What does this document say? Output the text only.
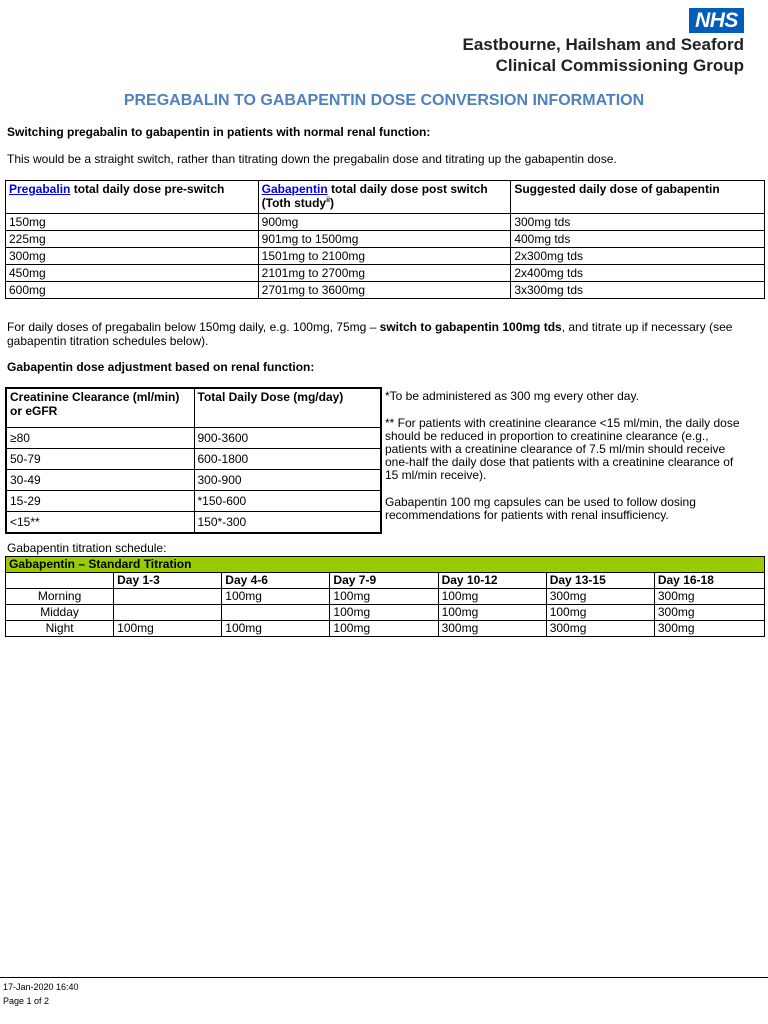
NHS
Eastbourne, Hailsham and Seaford
Clinical Commissioning Group
PREGABALIN TO GABAPENTIN DOSE CONVERSION INFORMATION
Switching pregabalin to gabapentin in patients with normal renal function:
This would be a straight switch, rather than titrating down the pregabalin dose and titrating up the gabapentin dose.
Pregabalin total daily dose pre-switch	Gabapentin total daily dose post switch (Toth study$^{ii}$)	Suggested daily dose of gabapentin
150mg	900mg	300mg tds
225mg	901mg to 1500mg	400mg tds
300mg	1501mg to 2100mg	2x300mg tds
450mg	2101mg to 2700mg	2x400mg tds
600mg	2701mg to 3600mg	3x300mg tds
For daily doses of pregabalin below 150mg daily, e.g. 100mg, 75mg – switch to gabapentin 100mg tds, and titrate up if necessary (see gabapentin titration schedules below).
Gabapentin dose adjustment based on renal function:
Creatinine Clearance (ml/min) or eGFR	Total Daily Dose (mg/day)
≥80	900-3600
50-79	600-1800
30-49	300-900
15-29	*150-600
<15**	150*-300

*To be administered as 300 mg every other day.

** For patients with creatinine clearance <15 ml/min, the daily dose should be reduced in proportion to creatinine clearance (e.g., patients with a creatinine clearance of 7.5 ml/min should receive one-half the daily dose that patients with a creatinine clearance of 15 ml/min receive).

Gabapentin 100 mg capsules can be used to follow dosing recommendations for patients with renal insufficiency.

Gabapentin titration schedule:
Gabapentin – Standard Titration						
	Day 1-3	Day 4-6	Day 7-9	Day 10-12	Day 13-15	Day 16-18
Morning		100mg	100mg	100mg	300mg	300mg
Midday			100mg	100mg	100mg	300mg
Night	100mg	100mg	100mg	300mg	300mg	300mg
17-Jan-2020 16:40
Page 1 of 2
